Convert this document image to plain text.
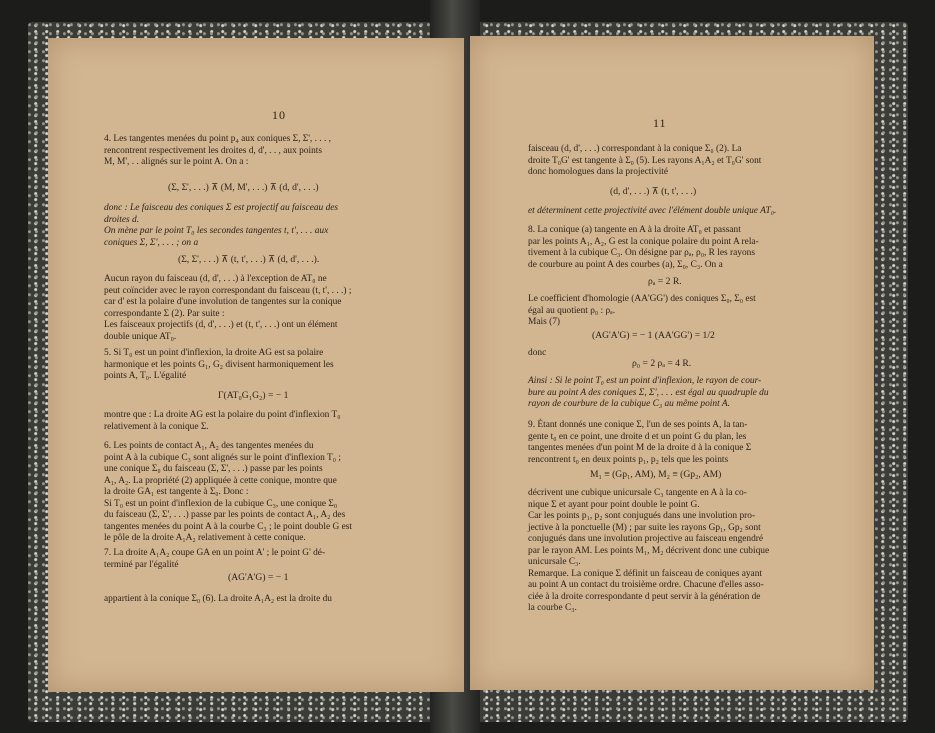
10
4. Les tangentes menées du point p₄ aux coniques Σ, Σ', . . . ,
rencontrent respectivement les droites d, d', . . , aux points
M, M', . . alignés sur le point A. On a :
(Σ, Σ', . . .) ⊼ (M, M', . . .) ⊼ (d, d', . . .)
donc : Le faisceau des coniques Σ est projectif au faisceau des
droites d.
On mène par le point T₀ les secondes tangentes t, t', . . . aux
coniques Σ, Σ', . . . ; on a
(Σ, Σ', . . .) ⊼ (t, t', . . .) ⊼ (d, d', . . .).
Aucun rayon du faisceau (d, d', . . .) à l'exception de AT₀ ne
peut coïncider avec le rayon correspondant du faisceau (t, t', . . .) ;
car d' est la polaire d'une involution de tangentes sur la conique
correspondante Σ (2). Par suite :
Les faisceaux projectifs (d, d', . . .) et (t, t', . . .) ont un élément
double unique AT₀.
5. Si T₀ est un point d'inflexion, la droite AG est sa polaire
harmonique et les points G₁, G₂ divisent harmoniquement les
points A, T₀. L'égalité
Γ(AT₀G₁G₂) = − 1
montre que : La droite AG est la polaire du point d'inflexion T₀
relativement à la conique Σ.
6. Les points de contact A₁, A₂ des tangentes menées du
point A à la cubique C₃ sont alignés sur le point d'inflexion T₀ ;
une conique Σ₀ du faisceau (Σ, Σ', . . .) passe par les points
A₁, A₂. La propriété (2) appliquée à cette conique, montre que
la droite GA₁ est tangente à Σ₀. Donc :
Si T₀ est un point d'inflexion de la cubique C₃, une conique Σ₀
du faisceau (Σ, Σ', . . .) passe par les points de contact A₁, A₂ des
tangentes menées du point A à la courbe C₃ ; le point double G est
le pôle de la droite A₁A₂ relativement à cette conique.
7. La droite A₁A₂ coupe GA en un point A' ; le point G' dé-
terminé par l'égalité
(AG'A'G) = − 1
appartient à la conique Σ₀ (6). La droite A₁A₂ est la droite du
11
faisceau (d, d', . . .) correspondant à la conique Σ₀ (2). La
droite T₀G' est tangente à Σ₀ (5). Les rayons A₁A₂ et T₀G' sont
donc homologues dans la projectivité
(d, d', . . .) ⊼ (t, t', . . .)
et déterminent cette projectivité avec l'élément double unique AT₀.
8. La conique (a) tangente en A à la droite AT₀ et passant
par les points A₁, A₂, G est la conique polaire du point A rela-
tivement à la cubique C₃. On désigne par ρₐ, ρ₀, R les rayons
de courbure au point A des courbes (a), Σ₀, C₃. On a
ρₐ = 2 R.
Le coefficient d'homologie (AA'GG') des coniques Σ₀, Σ₀ est
égal au quotient ρ₀ : ρₐ.
Mais (7)
(AG'A'G) = − 1 (AA'GG') = 1/2
donc
ρ₀ = 2 ρₐ = 4 R.
Ainsi : Si le point T₀ est un point d'inflexion, le rayon de cour-
bure au point A des coniques Σ, Σ', . . . est égal au quadruple du
rayon de courbure de la cubique C₃ au même point A.
9. Étant donnés une conique Σ, l'un de ses points A, la tan-
gente t₀ en ce point, une droite d et un point G du plan, les
tangentes menées d'un point M de la droite d à la conique Σ
rencontrent t₀ en deux points p₁, p₂ tels que les points
M₁ ≡ (Gp₁, AM), M₂ ≡ (Gp₂, AM)
décrivent une cubique unicursale C₃ tangente en A à la co-
nique Σ et ayant pour point double le point G.
Car les points p₁, p₂ sont conjugués dans une involution pro-
jective à la ponctuelle (M) ; par suite les rayons Gp₁, Gp₂ sont
conjugués dans une involution projective au faisceau engendré
par le rayon AM. Les points M₁, M₂ décrivent donc une cubique
unicursale C₃.
Remarque. La conique Σ définit un faisceau de coniques ayant
au point A un contact du troisième ordre. Chacune d'elles asso-
ciée à la droite correspondante d peut servir à la génération de
la courbe C₃.
